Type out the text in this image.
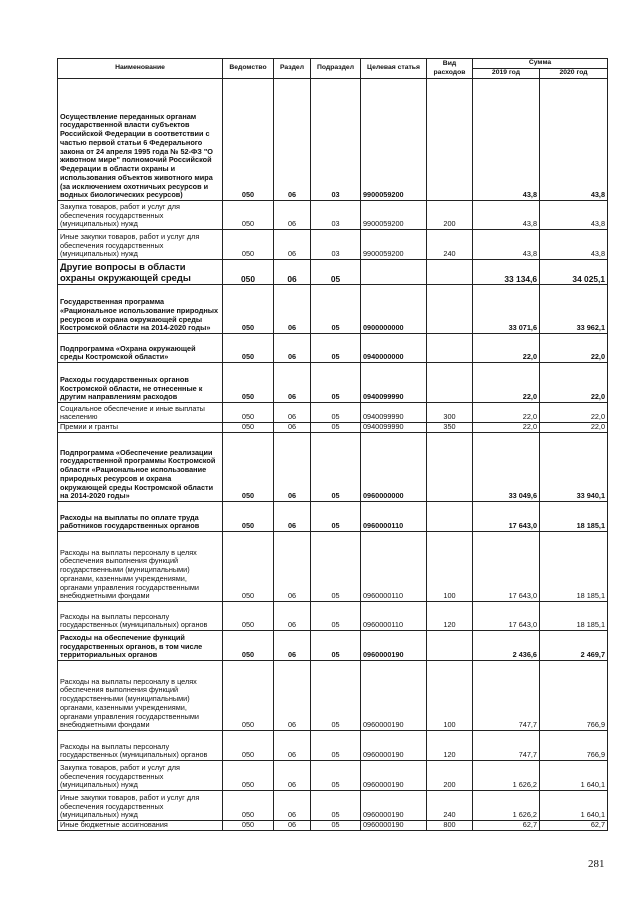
Наименование	Ведомство	Раздел	Подраздел	Целевая статья	Вид расходов	Сумма	
						2019 год	2020 год
Осуществление переданных органам государственной власти субъектов Российской Федерации в соответствии с частью первой статьи 6 Федерального закона от 24 апреля 1995 года № 52-ФЗ "О животном мире" полномочий Российской Федерации в области охраны и использования объектов животного мира (за исключением охотничьих ресурсов и водных биологических ресурсов)	050	06	03	9900059200		43,8	43,8
Закупка товаров, работ и услуг для обеспечения государственных (муниципальных) нужд	050	06	03	9900059200	200	43,8	43,8
Иные закупки товаров, работ и услуг для обеспечения государственных (муниципальных) нужд	050	06	03	9900059200	240	43,8	43,8
Другие вопросы в области охраны окружающей среды	050	06	05			33 134,6	34 025,1
Государственная программа «Рациональное использование природных ресурсов и охрана окружающей среды Костромской области на 2014-2020 годы»	050	06	05	0900000000		33 071,6	33 962,1
Подпрограмма «Охрана окружающей среды Костромской области»	050	06	05	0940000000		22,0	22,0
Расходы государственных органов Костромской области, не отнесенные к другим направлениям расходов	050	06	05	0940099990		22,0	22,0
Социальное обеспечение и иные выплаты населению	050	06	05	0940099990	300	22,0	22,0
Премии и гранты	050	06	05	0940099990	350	22,0	22,0
Подпрограмма «Обеспечение реализации государственной программы Костромской области «Рациональное использование природных ресурсов и охрана окружающей среды Костромской области на 2014-2020 годы»	050	06	05	0960000000		33 049,6	33 940,1
Расходы на выплаты по оплате труда работников государственных органов	050	06	05	0960000110		17 643,0	18 185,1
Расходы на выплаты персоналу в целях обеспечения выполнения функций государственными (муниципальными) органами, казенными учреждениями, органами управления государственными внебюджетными фондами	050	06	05	0960000110	100	17 643,0	18 185,1
Расходы на выплаты персоналу государственных (муниципальных) органов	050	06	05	0960000110	120	17 643,0	18 185,1
Расходы на обеспечение функций государственных органов, в том числе территориальных органов	050	06	05	0960000190		2 436,6	2 469,7
Расходы на выплаты персоналу в целях обеспечения выполнения функций государственными (муниципальными) органами, казенными учреждениями, органами управления государственными внебюджетными фондами	050	06	05	0960000190	100	747,7	766,9
Расходы на выплаты персоналу государственных (муниципальных) органов	050	06	05	0960000190	120	747,7	766,9
Закупка товаров, работ и услуг для обеспечения государственных (муниципальных) нужд	050	06	05	0960000190	200	1 626,2	1 640,1
Иные закупки товаров, работ и услуг для обеспечения государственных (муниципальных) нужд	050	06	05	0960000190	240	1 626,2	1 640,1
Иные бюджетные ассигнования	050	06	05	0960000190	800	62,7	62,7
281
